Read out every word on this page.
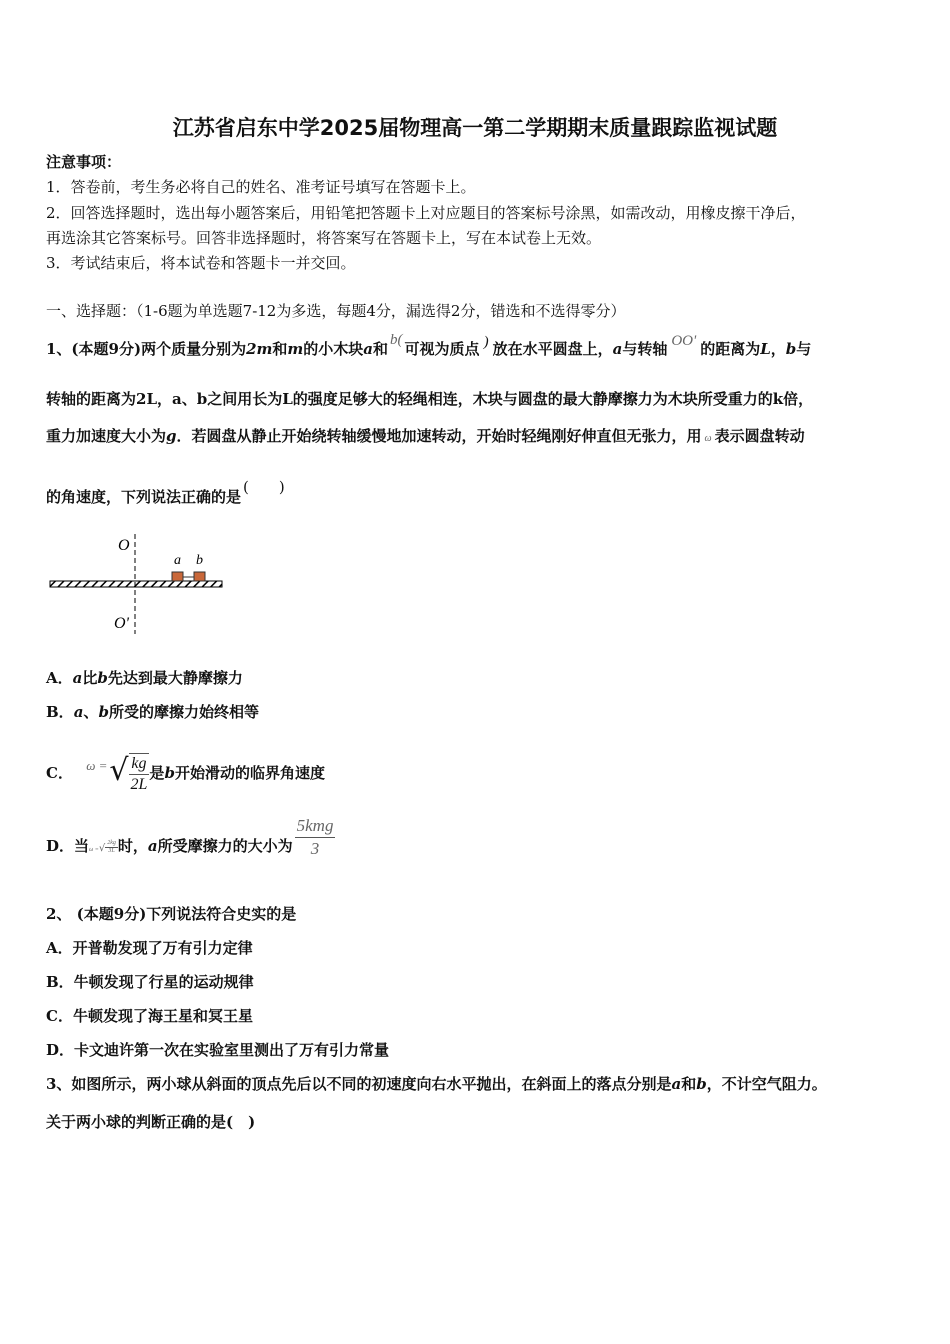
江苏省启东中学2025届物理高一第二学期期末质量跟踪监视试题
注意事项：
1．答卷前，考生务必将自己的姓名、准考证号填写在答题卡上。
2．回答选择题时，选出每小题答案后，用铅笔把答题卡上对应题目的答案标号涂黑，如需改动，用橡皮擦干净后，
再选涂其它答案标号。回答非选择题时，将答案写在答题卡上，写在本试卷上无效。
3．考试结束后，将本试卷和答题卡一并交回。
一、选择题：（1-6题为单选题7-12为多选，每题4分，漏选得2分，错选和不选得零分）
1、(本题9分)两个质量分别为2m和m的小木块a和 b( 可视为质点 ) 放在水平圆盘上，a与转轴 OO' 的距离为L，b与
转轴的距离为2L，a、b之间用长为L的强度足够大的轻绳相连，木块与圆盘的最大静摩擦力为木块所受重力的k倍，
重力加速度大小为g．若圆盘从静止开始绕转轴缓慢地加速转动，开始时轻绳刚好伸直但无张力，用 ω 表示圆盘转动
的角速度，下列说法正确的是(　　)
O
O'
a b
A．a比b先达到最大静摩擦力
B．a、b所受的摩擦力始终相等
C． ω =√ $\frac{kg}{2L}$ 是b开始滑动的临界角速度
D．当ω =√ $\frac{2kg}{3L}$ 时，a所受摩擦力的大小为 $\frac{\text{5kmg}}{3}$
2、 (本题9分)下列说法符合史实的是
A．开普勒发现了万有引力定律
B．牛顿发现了行星的运动规律
C．牛顿发现了海王星和冥王星
D．卡文迪许第一次在实验室里测出了万有引力常量
3、如图所示，两小球从斜面的顶点先后以不同的初速度向右水平抛出，在斜面上的落点分别是a和b，不计空气阻力。
关于两小球的判断正确的是(　)
